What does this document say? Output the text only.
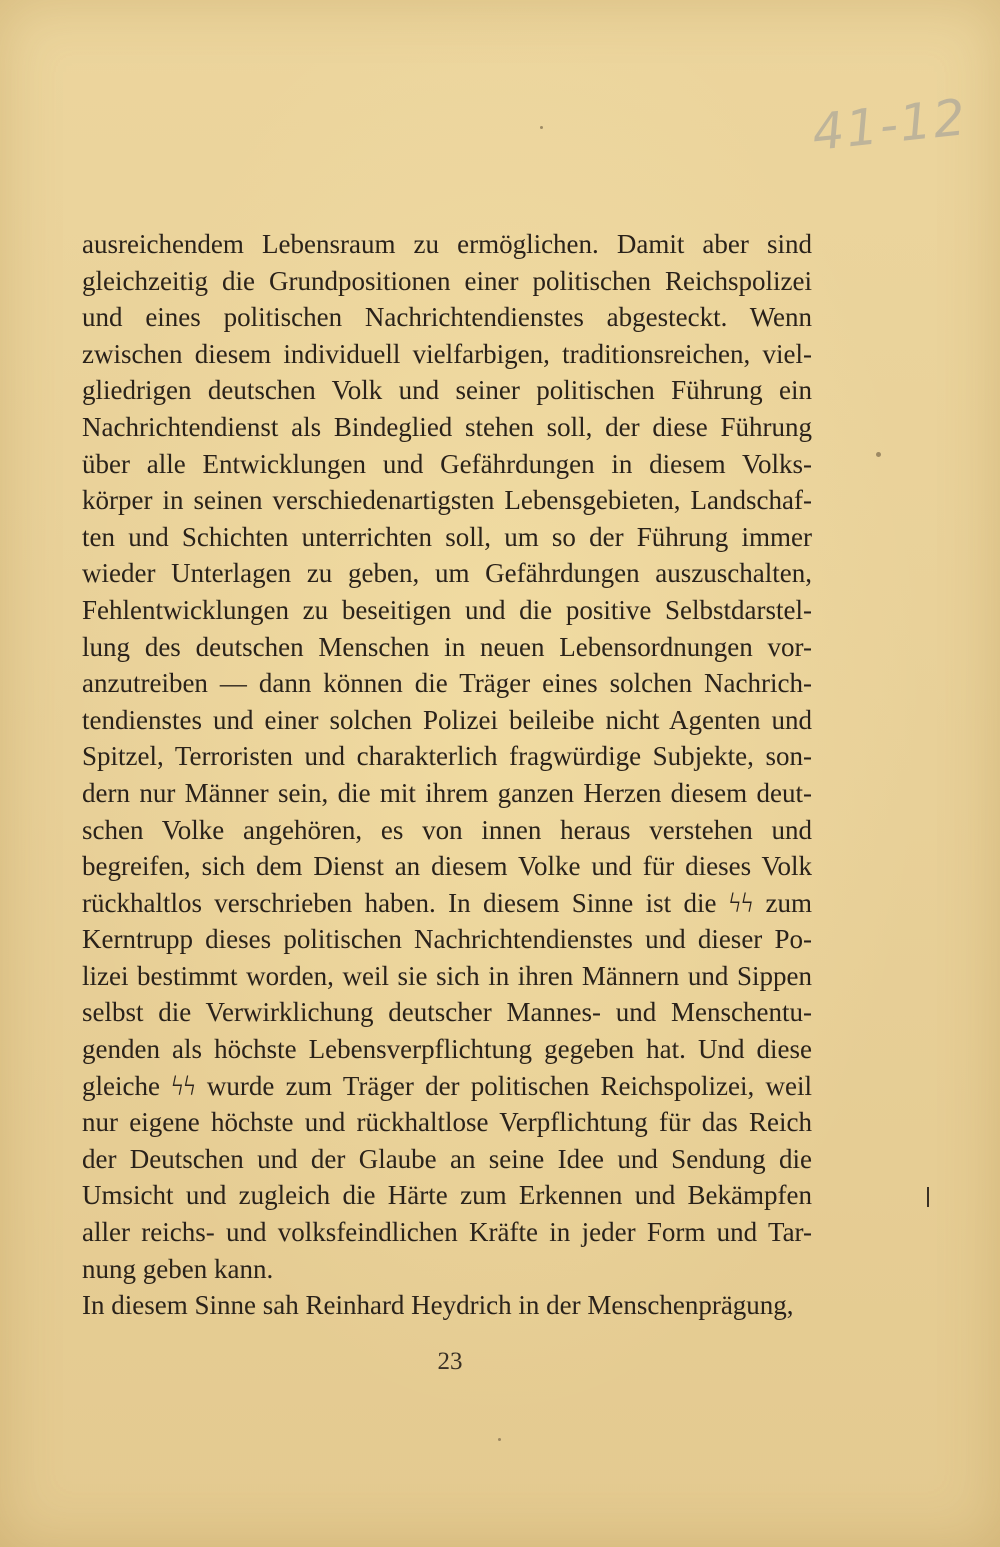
41-12
ausreichendem Lebensraum zu ermöglichen. Damit aber sind
gleichzeitig die Grundpositionen einer politischen Reichspolizei
und eines politischen Nachrichtendienstes abgesteckt. Wenn
zwischen diesem individuell vielfarbigen, traditionsreichen, viel-
gliedrigen deutschen Volk und seiner politischen Führung ein
Nachrichtendienst als Bindeglied stehen soll, der diese Führung
über alle Entwicklungen und Gefährdungen in diesem Volks-
körper in seinen verschiedenartigsten Lebensgebieten, Landschaf-
ten und Schichten unterrichten soll, um so der Führung immer
wieder Unterlagen zu geben, um Gefährdungen auszuschalten,
Fehlentwicklungen zu beseitigen und die positive Selbstdarstel-
lung des deutschen Menschen in neuen Lebensordnungen vor-
anzutreiben — dann können die Träger eines solchen Nachrich-
tendienstes und einer solchen Polizei beileibe nicht Agenten und
Spitzel, Terroristen und charakterlich fragwürdige Subjekte, son-
dern nur Männer sein, die mit ihrem ganzen Herzen diesem deut-
schen Volke angehören, es von innen heraus verstehen und
begreifen, sich dem Dienst an diesem Volke und für dieses Volk
rückhaltlos verschrieben haben. In diesem Sinne ist die ϟϟ zum
Kerntrupp dieses politischen Nachrichtendienstes und dieser Po-
lizei bestimmt worden, weil sie sich in ihren Männern und Sippen
selbst die Verwirklichung deutscher Mannes- und Menschentu-
genden als höchste Lebensverpflichtung gegeben hat. Und diese
gleiche ϟϟ wurde zum Träger der politischen Reichspolizei, weil
nur eigene höchste und rückhaltlose Verpflichtung für das Reich
der Deutschen und der Glaube an seine Idee und Sendung die
Umsicht und zugleich die Härte zum Erkennen und Bekämpfen
aller reichs- und volksfeindlichen Kräfte in jeder Form und Tar-
nung geben kann.
In diesem Sinne sah Reinhard Heydrich in der Menschenprägung,
23
